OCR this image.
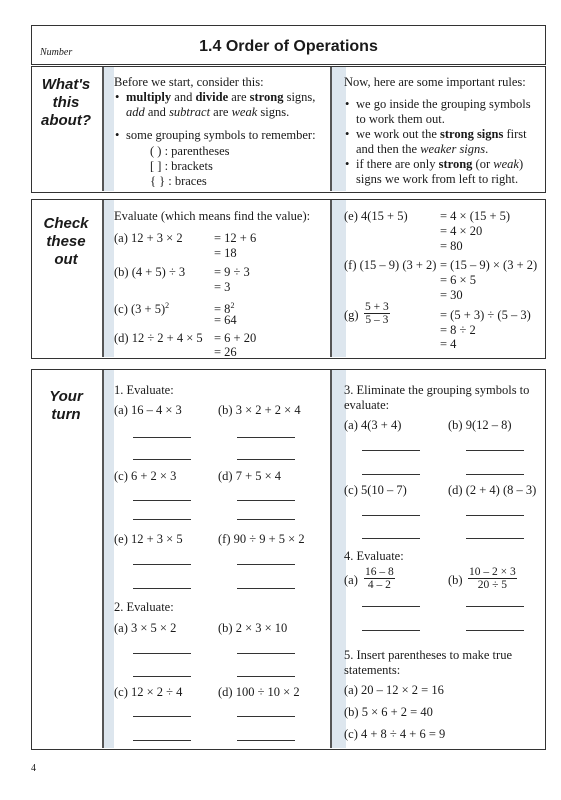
Number	1.4 Order of Operations
What's
this
about?
Before we start, consider this:
• multiply and divide are strong signs,
add and subtract are weak signs.
• some grouping symbols to remember:
( ) : parentheses
[ ] : brackets
{ } : braces
Now, here are some important rules:
• we go inside the grouping symbols
to work them out.
• we work out the strong signs first
and then the weaker signs.
• if there are only strong (or weak)
signs we work from left to right.
Check
these
out
Evaluate (which means find the value):
(a) 12 + 3 × 2	= 12 + 6
= 18
(b) (4 + 5) ÷ 3 = 9 ÷ 3
= 3
(c) $(3 + 5)^2$	= $8^2$
= 64
(d) 12 ÷ 2 + 4 × 5 = 6 + 20
= 26
(e) 4(15 + 5)	= 4 × (15 + 5)
= 4 × 20
= 80
(f) (15 – 9) (3 + 2) = (15 – 9) × (3 + 2)
= 6 × 5
= 30
$(g) \frac{5 + 3}{5 - 3}$	= (5 + 3) ÷ (5 – 3)
= 8 ÷ 2
= 4
Your
turn
1. Evaluate:
(a) 16 – 4 × 3	(b) 3 × 2 + 2 × 4
(c) 6 + 2 × 3	(d) 7 + 5 × 4
(e) 12 + 3 × 5	(f) 90 ÷ 9 + 5 × 2
2. Evaluate:
(a) 3 × 5 × 2	(b) 2 × 3 × 10
(c) 12 × 2 ÷ 4	(d) 100 ÷ 10 × 2
3. Eliminate the grouping symbols to
evaluate:
(a) 4(3 + 4)	(b) 9(12 – 8)
(c) 5(10 – 7)	(d) (2 + 4) (8 – 3)
4. Evaluate:
$(a) \frac{16 - 8}{4 - 2}$	$(b) \frac{10 - 2 \times 3}{20 \div 5}$
5. Insert parentheses to make true
statements:
(a) 20 – 12 × 2 = 16
(b) 5 × 6 + 2 = 40
(c) 4 + 8 ÷ 4 + 6 = 9
4
